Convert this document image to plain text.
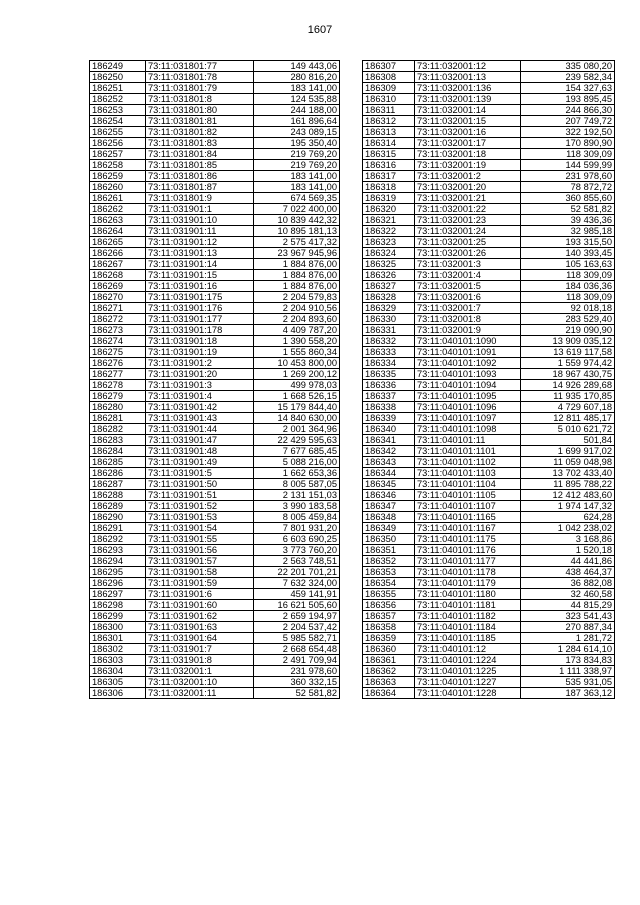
1607
186249	73:11:031801:77	149 443,06
186250	73:11:031801:78	280 816,20
186251	73:11:031801:79	183 141,00
186252	73:11:031801:8	124 535,88
186253	73:11:031801:80	244 188,00
186254	73:11:031801:81	161 896,64
186255	73:11:031801:82	243 089,15
186256	73:11:031801:83	195 350,40
186257	73:11:031801:84	219 769,20
186258	73:11:031801:85	219 769,20
186259	73:11:031801:86	183 141,00
186260	73:11:031801:87	183 141,00
186261	73:11:031801:9	674 569,35
186262	73:11:031901:1	7 022 400,00
186263	73:11:031901:10	10 839 442,32
186264	73:11:031901:11	10 895 181,13
186265	73:11:031901:12	2 575 417,32
186266	73:11:031901:13	23 967 945,96
186267	73:11:031901:14	1 884 876,00
186268	73:11:031901:15	1 884 876,00
186269	73:11:031901:16	1 884 876,00
186270	73:11:031901:175	2 204 579,83
186271	73:11:031901:176	2 204 910,56
186272	73:11:031901:177	2 204 893,60
186273	73:11:031901:178	4 409 787,20
186274	73:11:031901:18	1 390 558,20
186275	73:11:031901:19	1 555 860,34
186276	73:11:031901:2	10 453 800,00
186277	73:11:031901:20	1 269 200,12
186278	73:11:031901:3	499 978,03
186279	73:11:031901:4	1 668 526,15
186280	73:11:031901:42	15 179 844,40
186281	73:11:031901:43	14 840 630,00
186282	73:11:031901:44	2 001 364,96
186283	73:11:031901:47	22 429 595,63
186284	73:11:031901:48	7 677 685,45
186285	73:11:031901:49	5 088 216,00
186286	73:11:031901:5	1 662 653,36
186287	73:11:031901:50	8 005 587,05
186288	73:11:031901:51	2 131 151,03
186289	73:11:031901:52	3 990 183,58
186290	73:11:031901:53	8 005 459,84
186291	73:11:031901:54	7 801 931,20
186292	73:11:031901:55	6 603 690,25
186293	73:11:031901:56	3 773 760,20
186294	73:11:031901:57	2 563 748,51
186295	73:11:031901:58	22 201 701,21
186296	73:11:031901:59	7 632 324,00
186297	73:11:031901:6	459 141,91
186298	73:11:031901:60	16 621 505,60
186299	73:11:031901:62	2 659 194,97
186300	73:11:031901:63	2 204 537,42
186301	73:11:031901:64	5 985 582,71
186302	73:11:031901:7	2 668 654,48
186303	73:11:031901:8	2 491 709,94
186304	73:11:032001:1	231 978,60
186305	73:11:032001:10	360 332,15
186306	73:11:032001:11	52 581,82
186307	73:11:032001:12	335 080,20
186308	73:11:032001:13	239 582,34
186309	73:11:032001:136	154 327,63
186310	73:11:032001:139	193 895,45
186311	73:11:032001:14	244 866,30
186312	73:11:032001:15	207 749,72
186313	73:11:032001:16	322 192,50
186314	73:11:032001:17	170 890,90
186315	73:11:032001:18	118 309,09
186316	73:11:032001:19	144 599,99
186317	73:11:032001:2	231 978,60
186318	73:11:032001:20	78 872,72
186319	73:11:032001:21	360 855,60
186320	73:11:032001:22	52 581,82
186321	73:11:032001:23	39 436,36
186322	73:11:032001:24	32 985,18
186323	73:11:032001:25	193 315,50
186324	73:11:032001:26	140 393,45
186325	73:11:032001:3	105 163,63
186326	73:11:032001:4	118 309,09
186327	73:11:032001:5	184 036,36
186328	73:11:032001:6	118 309,09
186329	73:11:032001:7	92 018,18
186330	73:11:032001:8	283 529,40
186331	73:11:032001:9	219 090,90
186332	73:11:040101:1090	13 909 035,12
186333	73:11:040101:1091	13 619 117,58
186334	73:11:040101:1092	1 559 974,42
186335	73:11:040101:1093	18 967 430,75
186336	73:11:040101:1094	14 926 289,68
186337	73:11:040101:1095	11 935 170,85
186338	73:11:040101:1096	4 729 607,18
186339	73:11:040101:1097	12 811 485,17
186340	73:11:040101:1098	5 010 621,72
186341	73:11:040101:11	501,84
186342	73:11:040101:1101	1 699 917,02
186343	73:11:040101:1102	11 059 048,98
186344	73:11:040101:1103	13 702 433,40
186345	73:11:040101:1104	11 895 788,22
186346	73:11:040101:1105	12 412 483,60
186347	73:11:040101:1107	1 974 147,32
186348	73:11:040101:1165	624,28
186349	73:11:040101:1167	1 042 238,02
186350	73:11:040101:1175	3 168,86
186351	73:11:040101:1176	1 520,18
186352	73:11:040101:1177	44 441,86
186353	73:11:040101:1178	438 464,37
186354	73:11:040101:1179	36 882,08
186355	73:11:040101:1180	32 460,58
186356	73:11:040101:1181	44 815,29
186357	73:11:040101:1182	323 541,43
186358	73:11:040101:1184	270 887,34
186359	73:11:040101:1185	1 281,72
186360	73:11:040101:12	1 284 614,10
186361	73:11:040101:1224	173 834,83
186362	73:11:040101:1225	1 111 338,97
186363	73:11:040101:1227	535 931,05
186364	73:11:040101:1228	187 363,12
